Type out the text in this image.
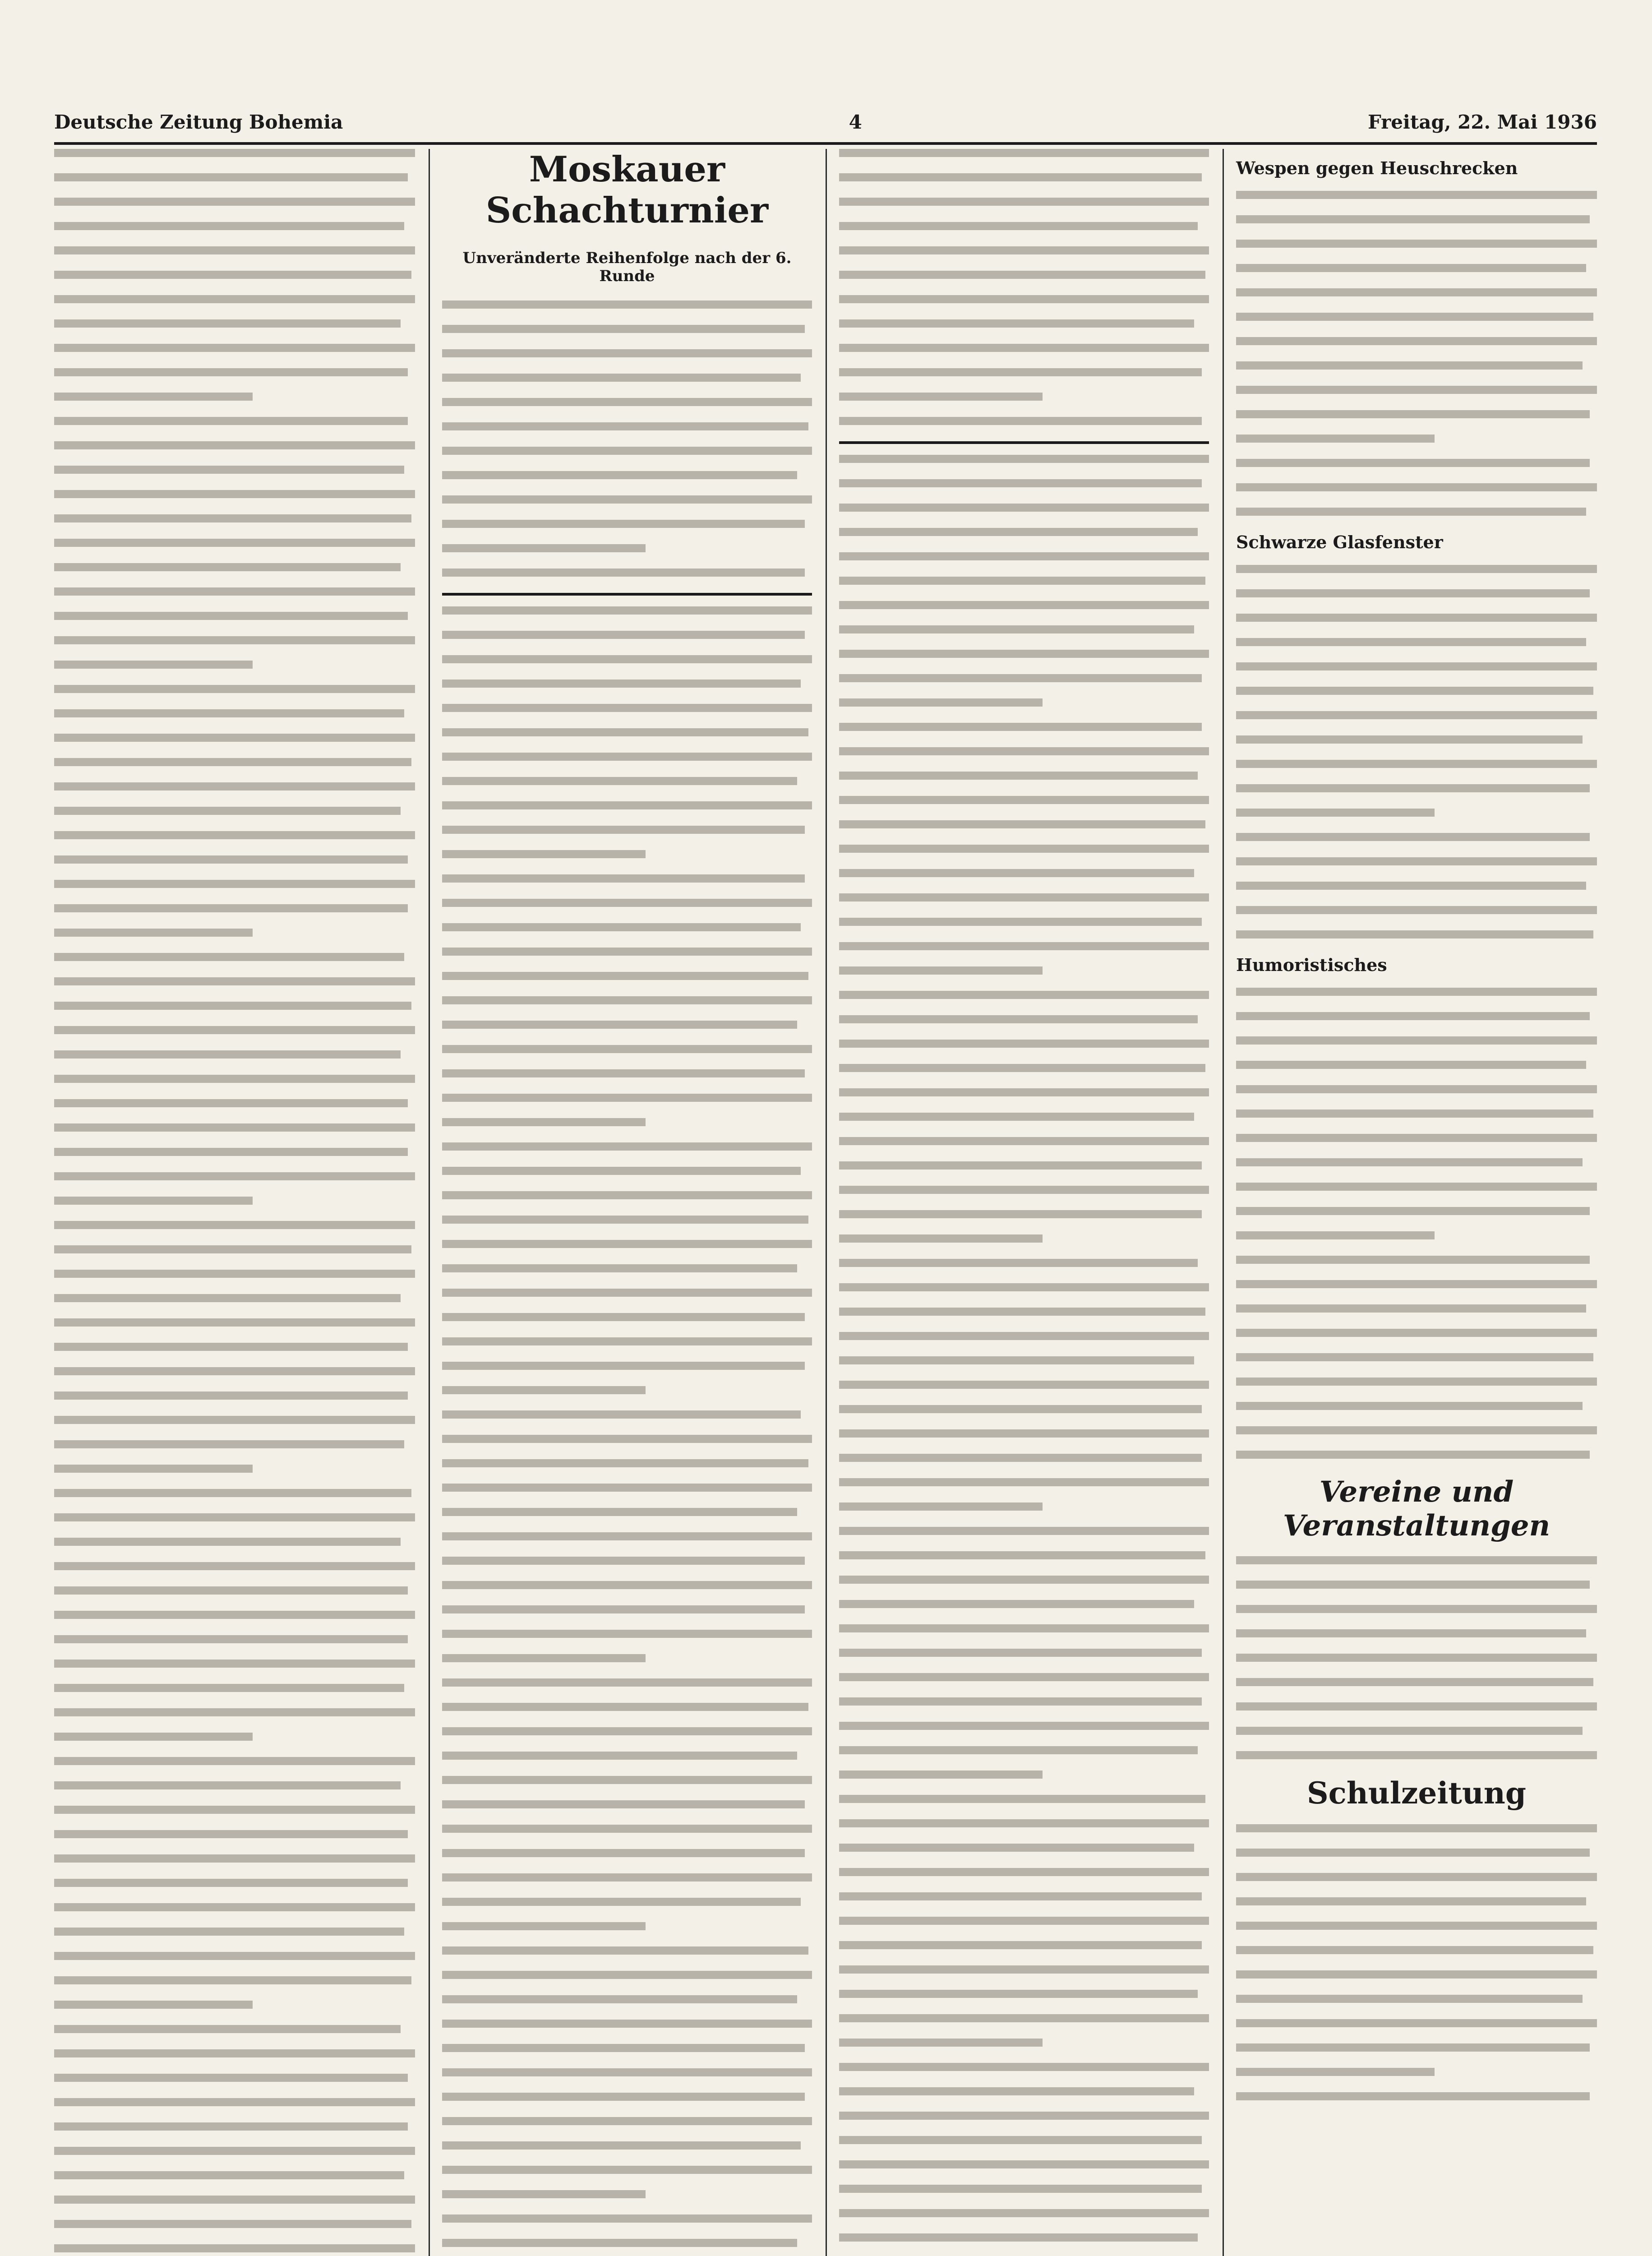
Deutsche Zeitung Bohemia	4	Freitag, 22. Mai 1936
Moskauer Schachturnier
Unveränderte Reihenfolge nach der 6. Runde
Wespen gegen Heuschrecken
Schwarze Glasfenster
Humoristisches
Vereine und Veranstaltungen
Schulzeitung
